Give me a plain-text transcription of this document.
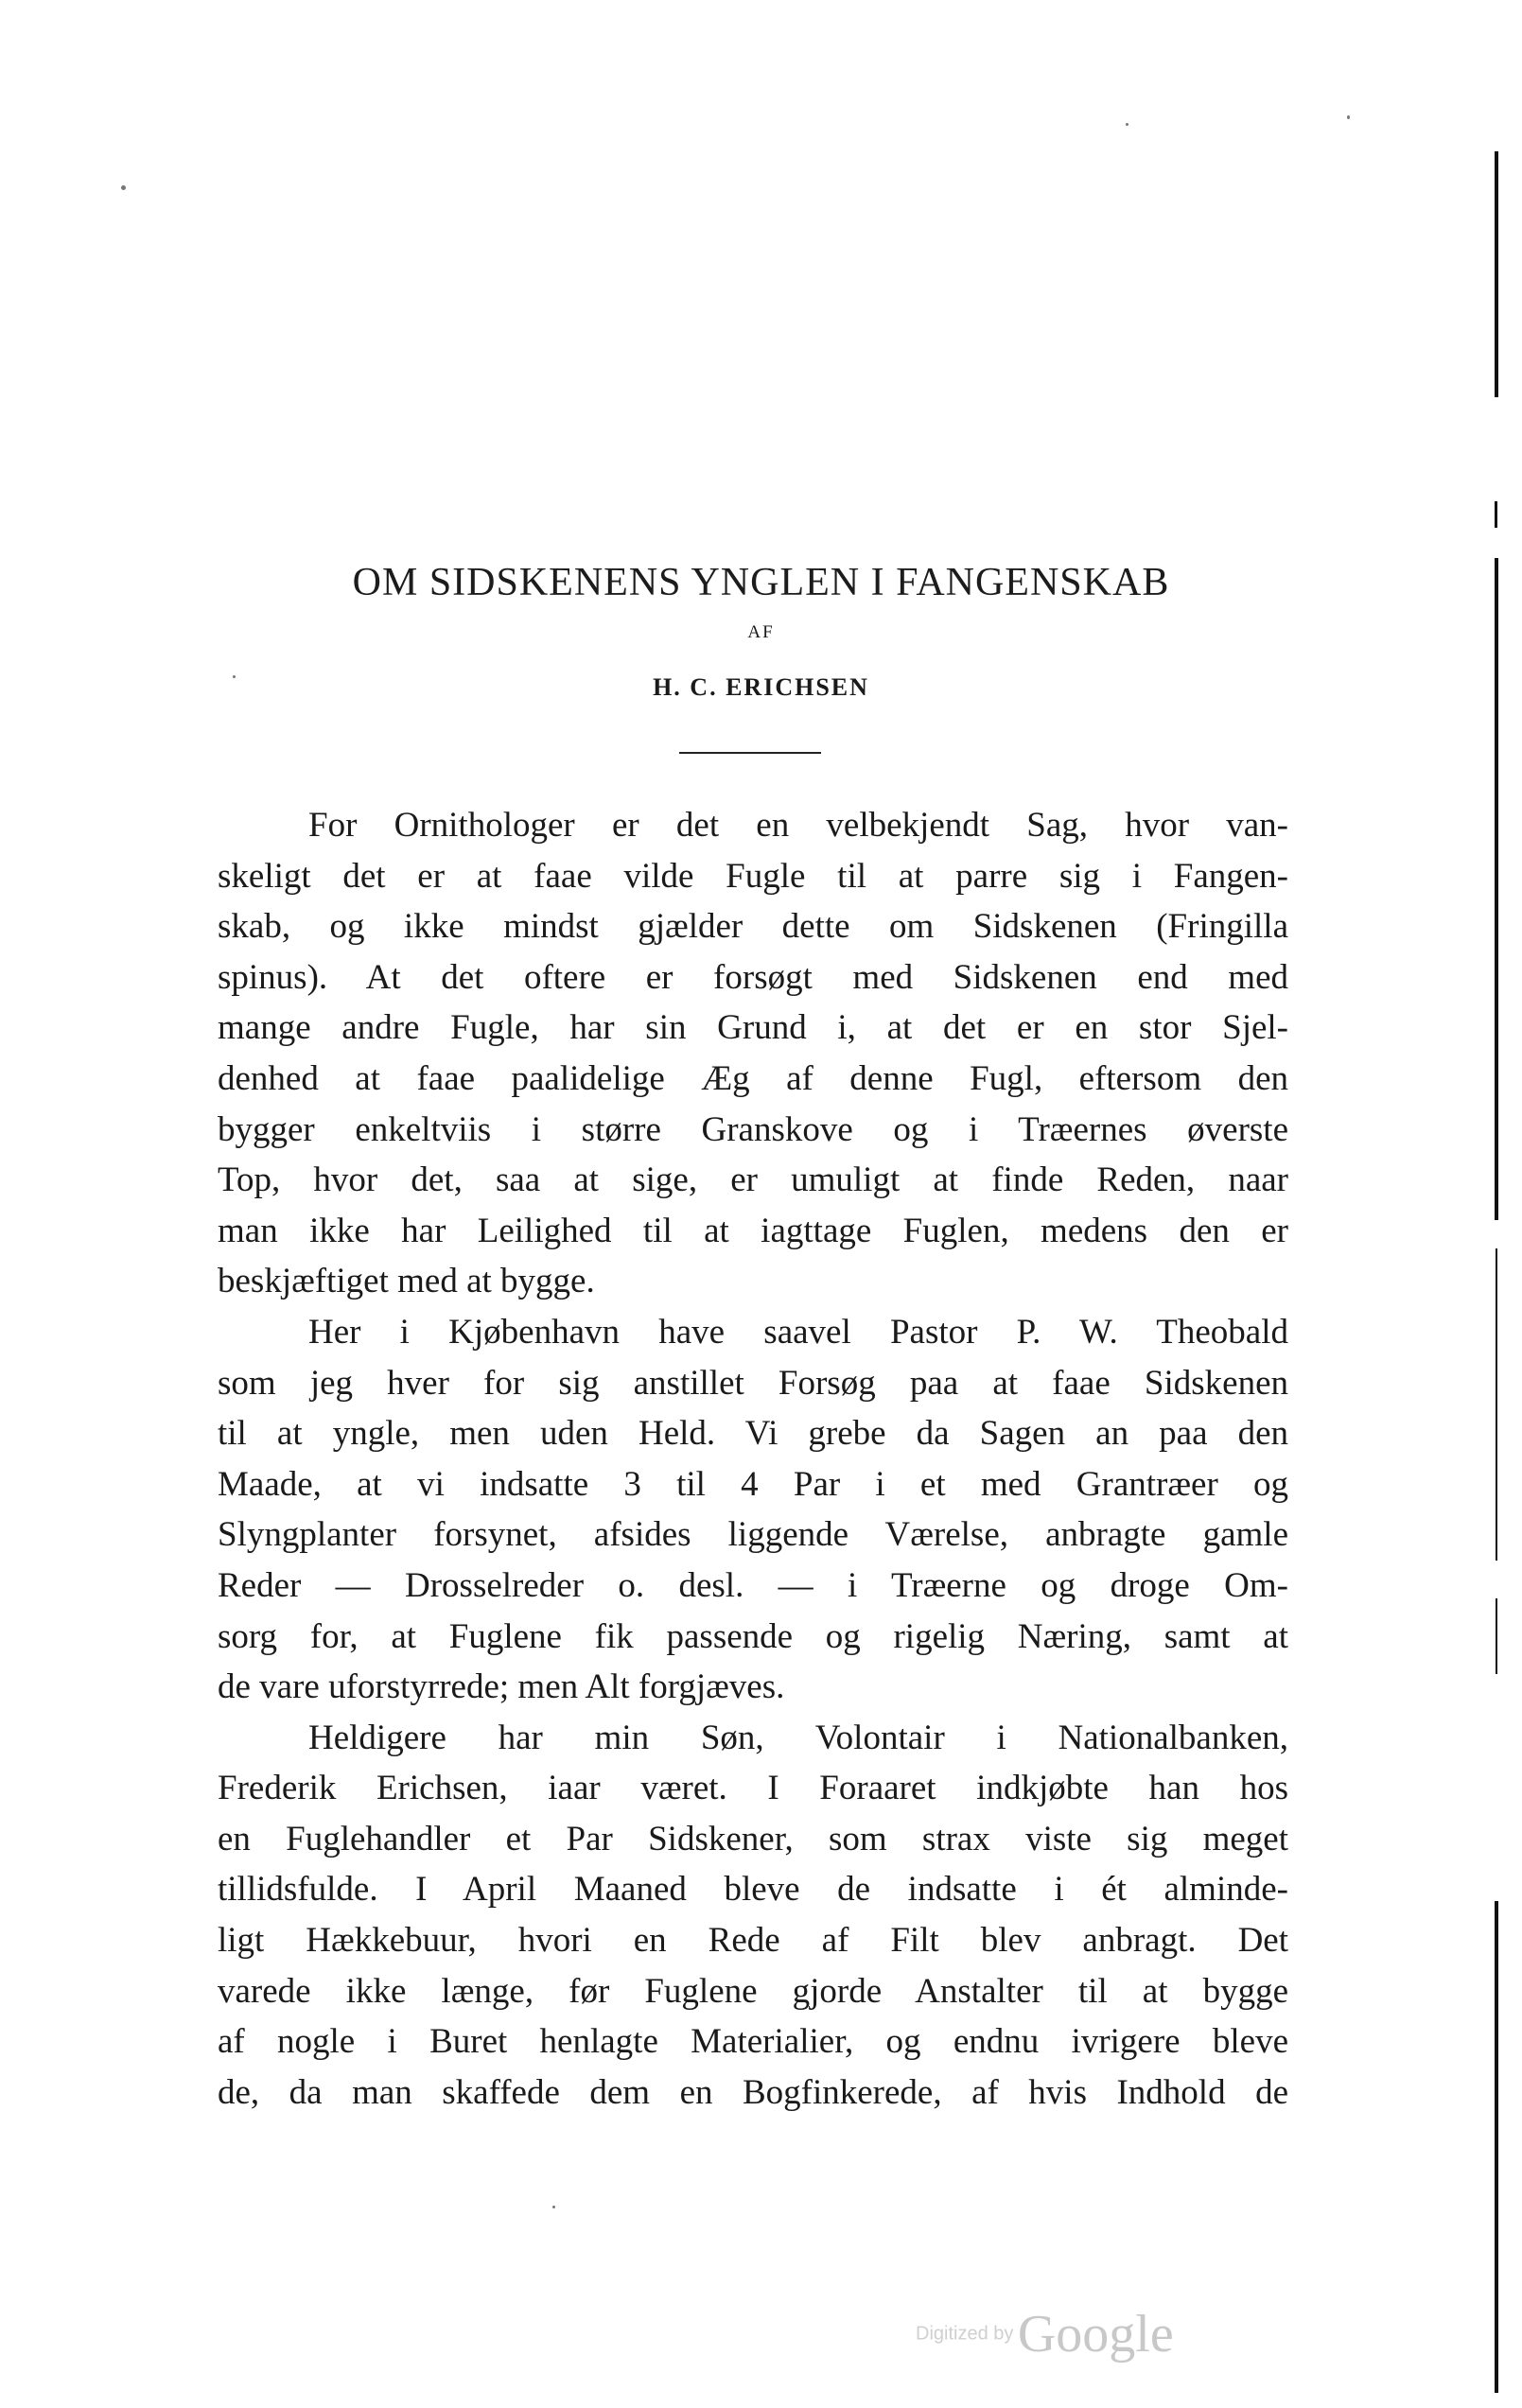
OM SIDSKENENS YNGLEN I FANGENSKAB
AF
H. C. ERICHSEN
For Ornithologer er det en velbekjendt Sag, hvor van-
skeligt det er at faae vilde Fugle til at parre sig i Fangen-
skab, og ikke mindst gjælder dette om Sidskenen (Fringilla
spinus). At det oftere er forsøgt med Sidskenen end med
mange andre Fugle, har sin Grund i, at det er en stor Sjel-
denhed at faae paalidelige Æg af denne Fugl, eftersom den
bygger enkeltviis i større Granskove og i Træernes øverste
Top, hvor det, saa at sige, er umuligt at finde Reden, naar
man ikke har Leilighed til at iagttage Fuglen, medens den er
beskjæftiget med at bygge.
Her i Kjøbenhavn have saavel Pastor P. W. Theobald
som jeg hver for sig anstillet Forsøg paa at faae Sidskenen
til at yngle, men uden Held. Vi grebe da Sagen an paa den
Maade, at vi indsatte 3 til 4 Par i et med Grantræer og
Slyngplanter forsynet, afsides liggende Værelse, anbragte gamle
Reder — Drosselreder o. desl. — i Træerne og droge Om-
sorg for, at Fuglene fik passende og rigelig Næring, samt at
de vare uforstyrrede; men Alt forgjæves.
Heldigere har min Søn, Volontair i Nationalbanken,
Frederik Erichsen, iaar været. I Foraaret indkjøbte han hos
en Fuglehandler et Par Sidskener, som strax viste sig meget
tillidsfulde. I April Maaned bleve de indsatte i ét alminde-
ligt Hækkebuur, hvori en Rede af Filt blev anbragt. Det
varede ikke længe, før Fuglene gjorde Anstalter til at bygge
af nogle i Buret henlagte Materialier, og endnu ivrigere bleve
de, da man skaffede dem en Bogfinkerede, af hvis Indhold de
Digitized by Google
